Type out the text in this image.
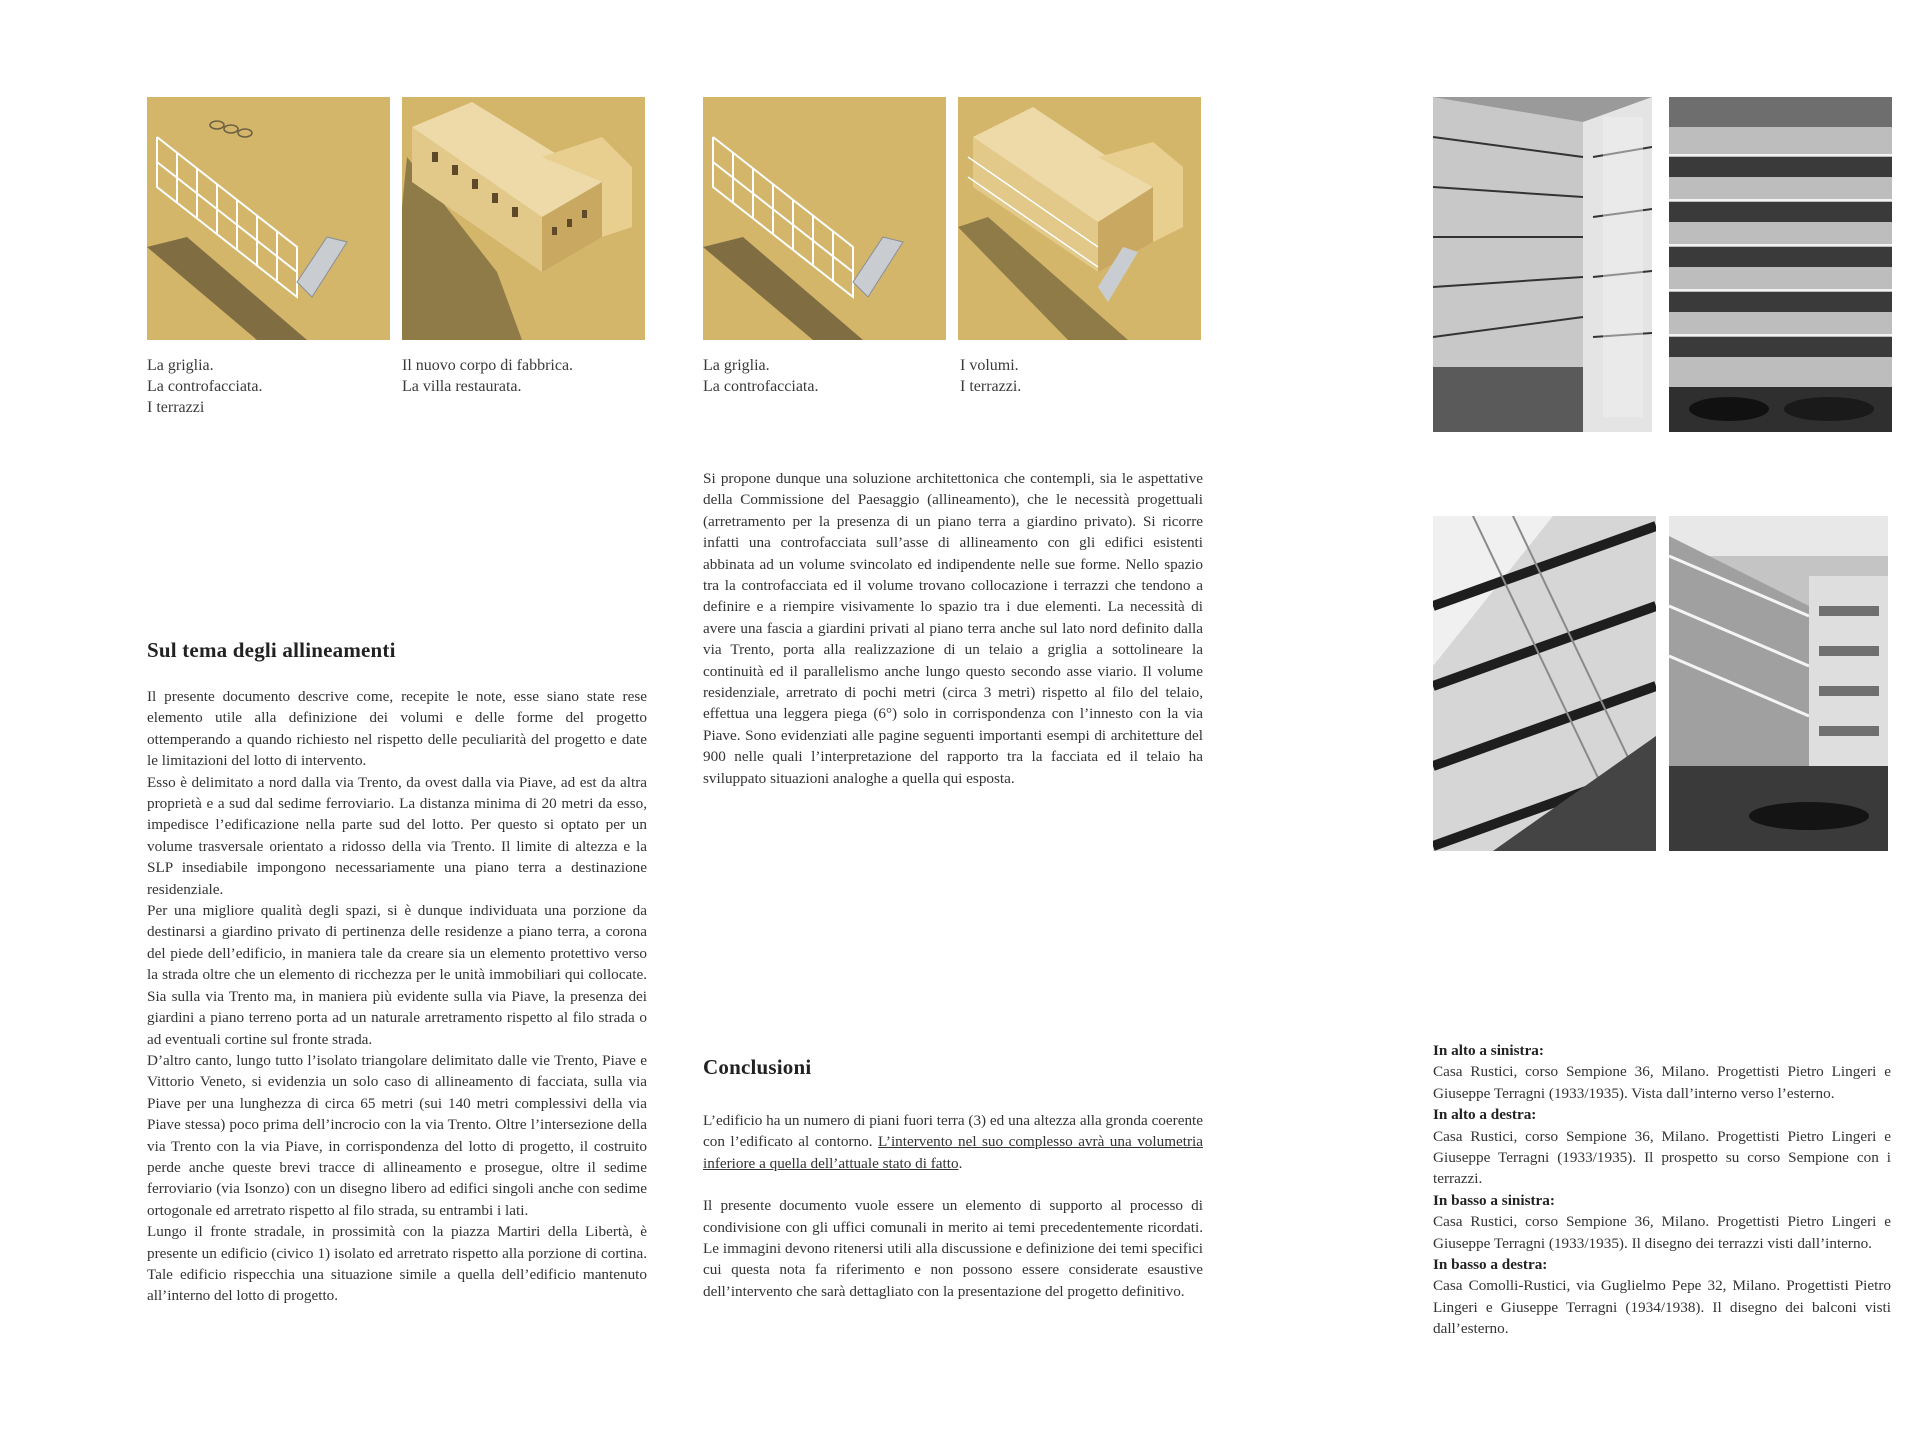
La griglia.
La controfacciata.
I terrazzi
Il nuovo corpo di fabbrica.
La villa restaurata.
La griglia.
La controfacciata.
I volumi.
I terrazzi.
Sul tema degli allineamenti

Il presente documento descrive come, recepite le note, esse siano state rese elemento utile alla definizione dei volumi e delle forme del progetto ottemperando a quando richiesto nel rispetto delle peculiarità del progetto e date le limitazioni del lotto di intervento.

Esso è delimitato a nord dalla via Trento, da ovest dalla via Piave, ad est da altra proprietà e a sud dal sedime ferroviario. La distanza minima di 20 metri da esso, impedisce l’edificazione nella parte sud del lotto. Per questo si optato per un volume trasversale orientato a ridosso della via Trento. Il limite di altezza e la SLP insediabile impongono necessariamente una piano terra a destinazione residenziale.

Per una migliore qualità degli spazi, si è dunque individuata una porzione da destinarsi a giardino privato di pertinenza delle residenze a piano terra, a corona del piede dell’edificio, in maniera tale da creare sia un elemento protettivo verso la strada oltre che un elemento di ricchezza per le unità immobiliari qui collocate. Sia sulla via Trento ma, in maniera più evidente sulla via Piave, la presenza dei giardini a piano terreno porta ad un naturale arretramento rispetto al filo strada o ad eventuali cortine sul fronte strada.

D’altro canto, lungo tutto l’isolato triangolare delimitato dalle vie Trento, Piave e Vittorio Veneto, si evidenzia un solo caso di allineamento di facciata, sulla via Piave per una lunghezza di circa 65 metri (sui 140 metri complessivi della via Piave stessa) poco prima dell’incrocio con la via Trento. Oltre l’intersezione della via Trento con la via Piave, in corrispondenza del lotto di progetto, il costruito perde anche queste brevi tracce di allineamento e prosegue, oltre il sedime ferroviario (via Isonzo) con un disegno libero ad edifici singoli anche con sedime ortogonale ed arretrato rispetto al filo strada, su entrambi i lati.

Lungo il fronte stradale, in prossimità con la piazza Martiri della Libertà, è presente un edificio (civico 1) isolato ed arretrato rispetto alla porzione di cortina. Tale edificio rispecchia una situazione simile a quella dell’edificio mantenuto all’interno del lotto di progetto.

Si propone dunque una soluzione architettonica che contempli, sia le aspettative della Commissione del Paesaggio (allineamento), che le necessità progettuali (arretramento per la presenza di un piano terra a giardino privato). Si ricorre infatti una controfacciata sull’asse di allineamento con gli edifici esistenti abbinata ad un volume svincolato ed indipendente nelle sue forme. Nello spazio tra la controfacciata ed il volume trovano collocazione i terrazzi che tendono a definire e a riempire visivamente lo spazio tra i due elementi. La necessità di avere una fascia a giardini privati al piano terra anche sul lato nord definito dalla via Trento, porta alla realizzazione di un telaio a griglia a sottolineare la continuità ed il parallelismo anche lungo questo secondo asse viario. Il volume residenziale, arretrato di pochi metri (circa 3 metri) rispetto al filo del telaio, effettua una leggera piega (6°) solo in corrispondenza con l’innesto con la via Piave. Sono evidenziati alle pagine seguenti importanti esempi di architetture del 900 nelle quali l’interpretazione del rapporto tra la facciata ed il telaio ha sviluppato situazioni analoghe a quella qui esposta.
Conclusioni

L’edificio ha un numero di piani fuori terra (3) ed una altezza alla gronda coerente con l’edificato al contorno. L’intervento nel suo complesso avrà una volumetria inferiore a quella dell’attuale stato di fatto.

Il presente documento vuole essere un elemento di supporto al processo di condivisione con gli uffici comunali in merito ai temi precedentemente ricordati. Le immagini devono ritenersi utili alla discussione e definizione dei temi specifici cui questa nota fa riferimento e non possono essere considerate esaustive dell’intervento che sarà dettagliato con la presentazione del progetto definitivo.

In alto a sinistra:
Casa Rustici, corso Sempione 36, Milano. Progettisti Pietro Lingeri e Giuseppe Terragni (1933/1935). Vista dall’interno verso l’esterno.
In alto a destra:
Casa Rustici, corso Sempione 36, Milano. Progettisti Pietro Lingeri e Giuseppe Terragni (1933/1935). Il prospetto su corso Sempione con i terrazzi.
In basso a sinistra:
Casa Rustici, corso Sempione 36, Milano. Progettisti Pietro Lingeri e Giuseppe Terragni (1933/1935). Il disegno dei terrazzi visti dall’interno.
In basso a destra:
Casa Comolli-Rustici, via Guglielmo Pepe 32, Milano. Progettisti Pietro Lingeri e Giuseppe Terragni (1934/1938). Il disegno dei balconi visti dall’esterno.
